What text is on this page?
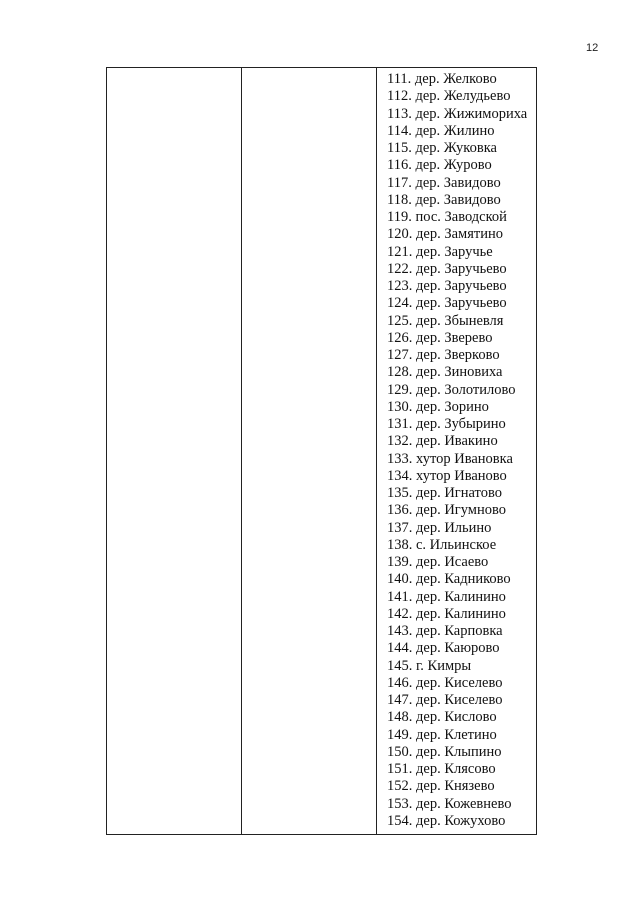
12
111. дер. Желково
112. дер. Желудьево
113. дер. Жижимориха
114. дер. Жилино
115. дер. Жуковка
116. дер. Журово
117. дер. Завидово
118. дер. Завидово
119. пос. Заводской
120. дер. Замятино
121. дер. Заручье
122. дер. Заручьево
123. дер. Заручьево
124. дер. Заручьево
125. дер. Збыневля
126. дер. Зверево
127. дер. Зверково
128. дер. Зиновиха
129. дер. Золотилово
130. дер. Зорино
131. дер. Зубырино
132. дер. Ивакино
133. хутор Ивановка
134. хутор Иваново
135. дер. Игнатово
136. дер. Игумново
137. дер. Ильино
138. с. Ильинское
139. дер. Исаево
140. дер. Кадниково
141. дер. Калинино
142. дер. Калинино
143. дер. Карповка
144. дер. Каюрово
145. г. Кимры
146. дер. Киселево
147. дер. Киселево
148. дер. Кислово
149. дер. Клетино
150. дер. Клыпино
151. дер. Клясово
152. дер. Князево
153. дер. Кожевнево
154. дер. Кожухово
